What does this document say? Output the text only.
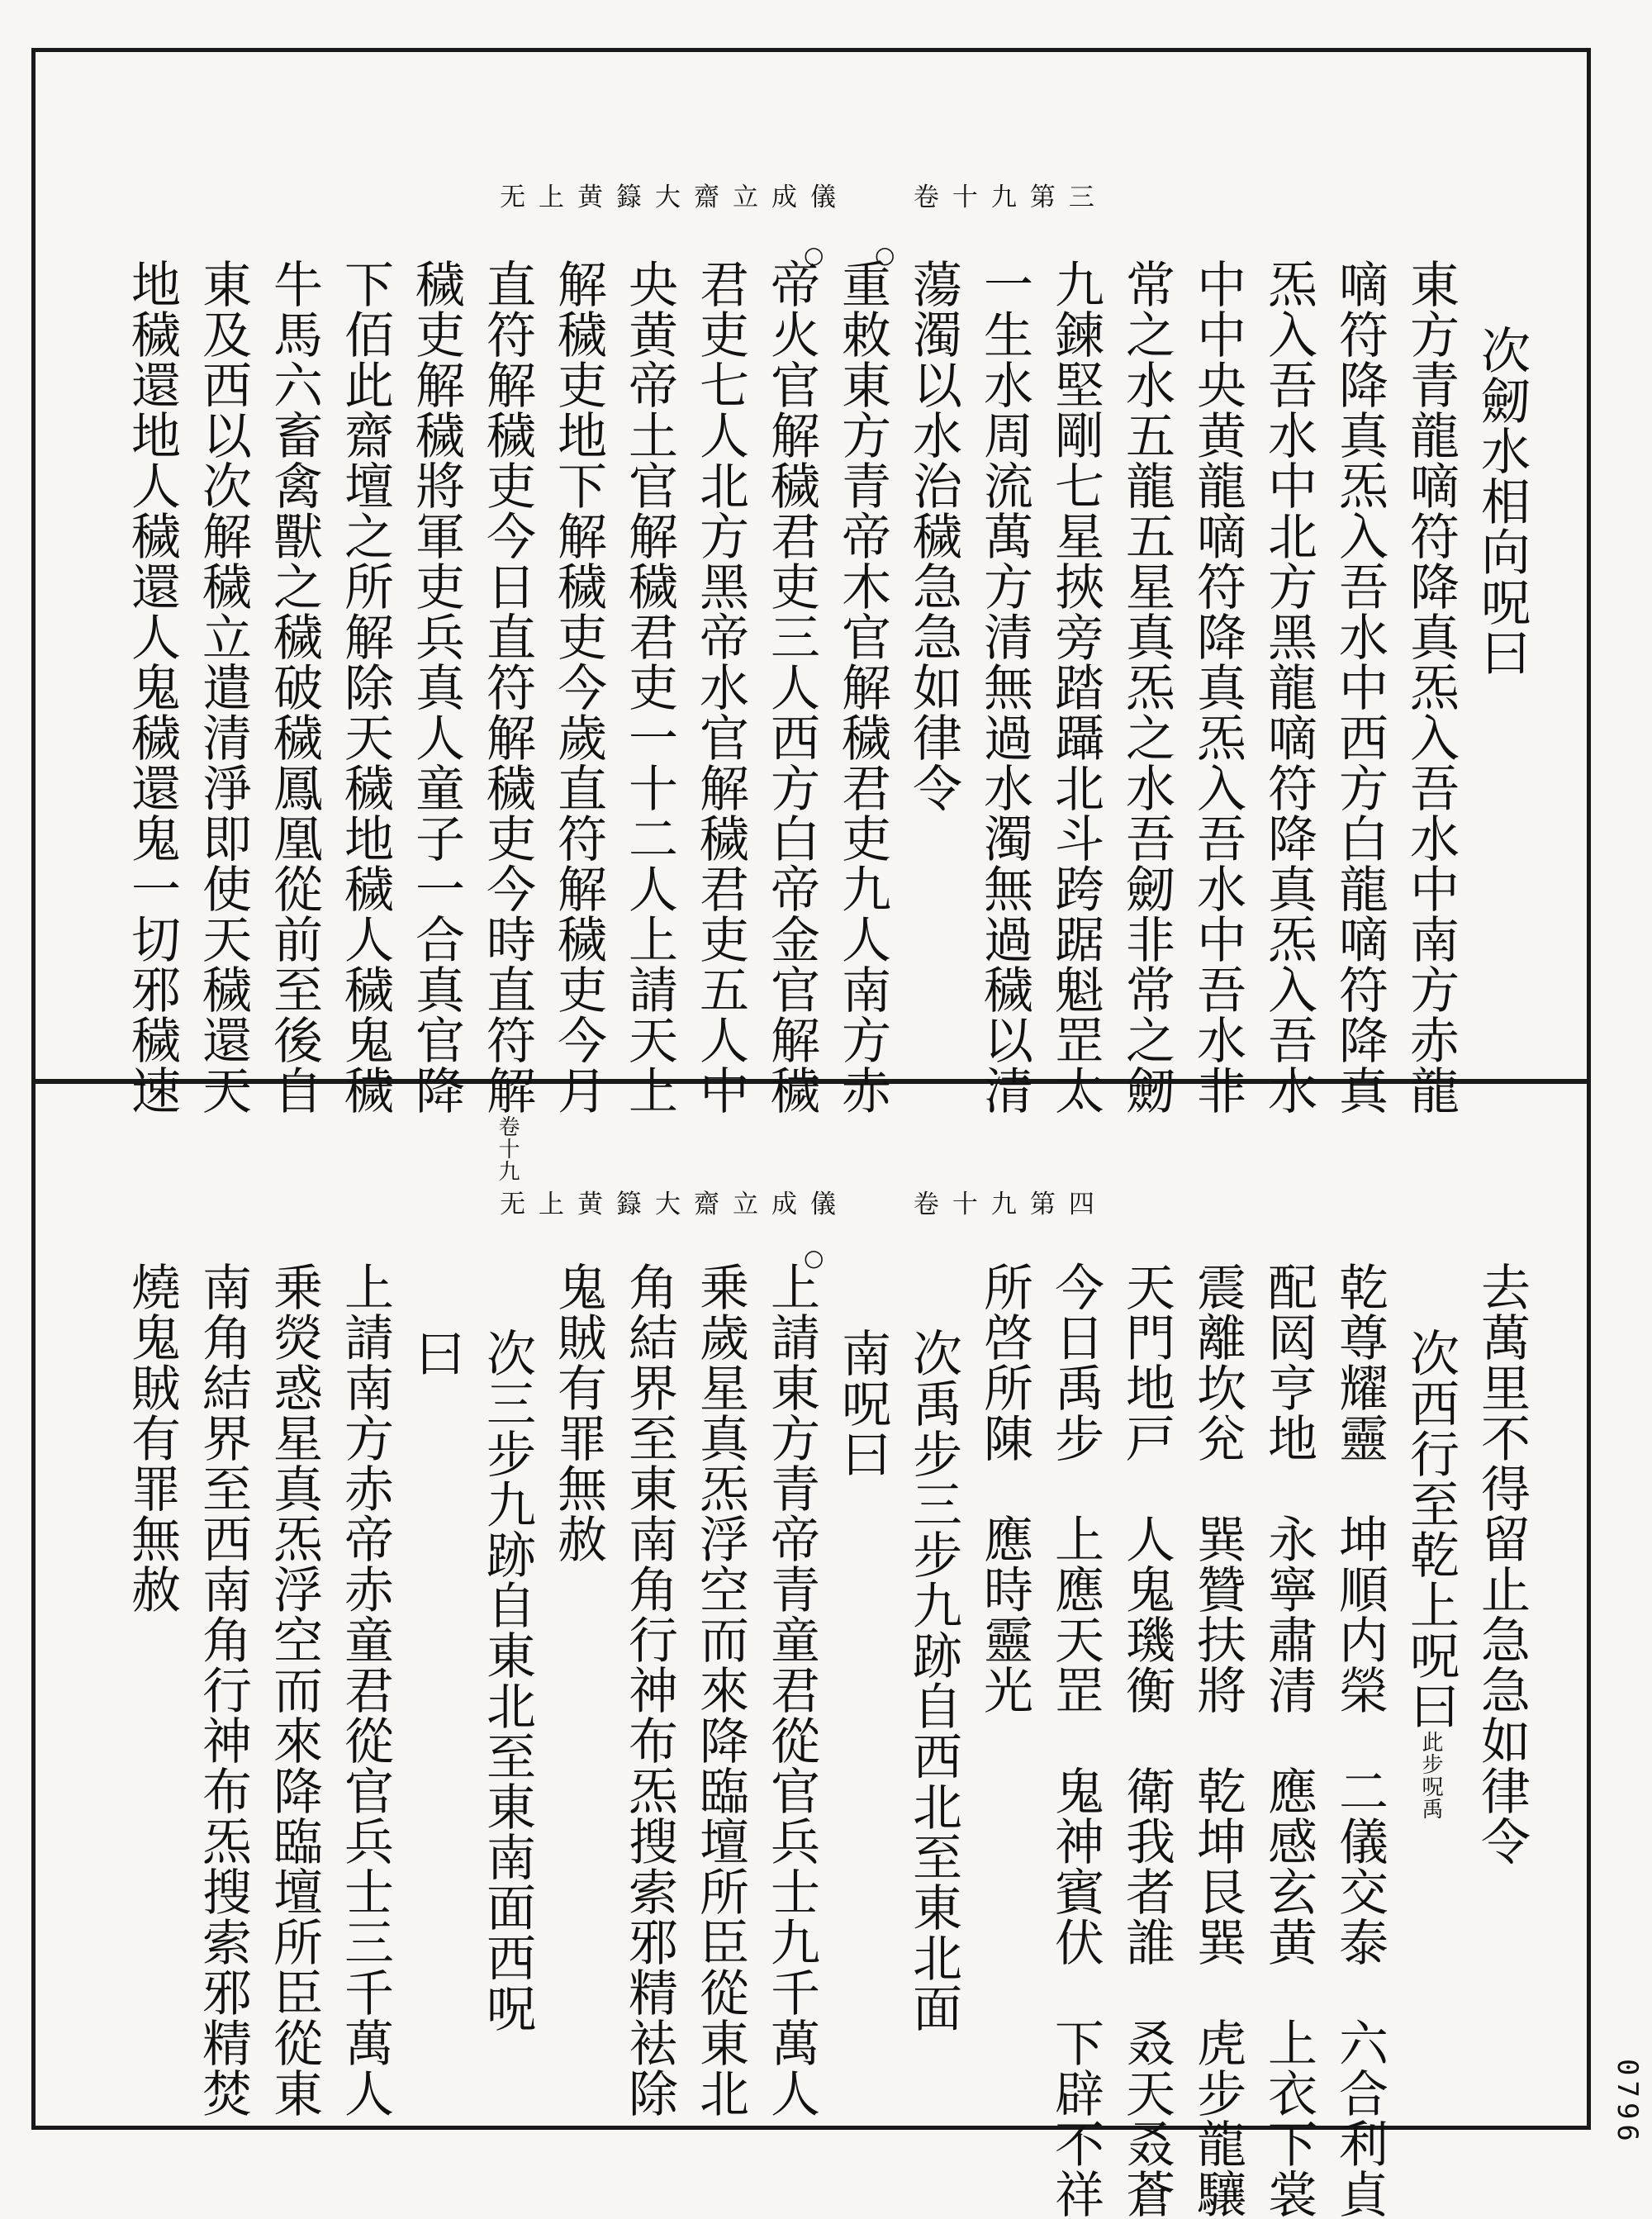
无上黄籙大齋立成儀	卷十九第三
次劒水相向呪曰
東方青龍嘀符降真炁入吾水中南方赤龍
嘀符降真炁入吾水中西方白龍嘀符降真
炁入吾水中北方黑龍嘀符降真炁入吾水
中中央黄龍嘀符降真炁入吾水中吾水非
常之水五龍五星真炁之水吾劒非常之劒
九鍊堅剛七星挾旁踏躡北斗跨踞魁罡太
一生水周流萬方清無過水濁無過穢以清
蕩濁以水治穢急急如律令
○
重敕東方青帝木官解穢君吏九人南方赤
○
帝火官解穢君吏三人西方白帝金官解穢
君吏七人北方黑帝水官解穢君吏五人中
央黄帝土官解穢君吏一十二人上請天上
解穢吏地下解穢吏今歲直符解穢吏今月
直符解穢吏今日直符解穢吏今時直符解卷十九
穢吏解穢將軍吏兵真人童子一合真官降
下佰此齋壇之所解除天穢地穢人穢鬼穢
牛馬六畜禽獸之穢破穢鳳凰從前至後自
東及西以次解穢立遣清淨即使天穢還天
地穢還地人穢還人鬼穢還鬼一切邪穢速
无上黄籙大齋立成儀	卷十九第四
去萬里不得留止急急如律令
次西行至乾上呪曰此步呪禹
乾尊耀靈　坤順内榮　二儀交泰　六合利貞
配㒺亨地　永寧肅清　應感玄黄　上衣下裳
震離坎兊　巽贊扶將　乾坤艮巽　虎步龍驤
天門地戸　人鬼璣衡　衛我者誰　叒天叒蒼
今日禹步　上應天罡　鬼神賓伏　下辟不祥
所啓所陳　應時靈光
次禹步三步九跡自西北至東北面
南呪曰
○
上請東方青帝青童君從官兵士九千萬人
乗歲星真炁浮空而來降臨壇所臣從東北
角結界至東南角行神布炁搜索邪精袪除
鬼賊有罪無赦
次三步九跡自東北至東南面西呪
曰
上請南方赤帝赤童君從官兵士三千萬人
乗熒惑星真炁浮空而來降臨壇所臣從東
南角結界至西南角行神布炁搜索邪精焚
燒鬼賊有罪無赦
0796
